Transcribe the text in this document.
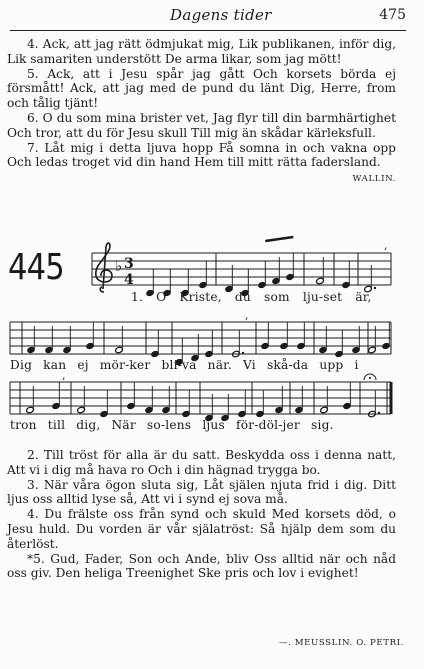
Dagens tider	475

4. Ack, att jag rätt ödmjukat mig, Lik publikanen, inför dig, Lik samariten understött De arma likar, som jag mött!

5. Ack, att i Jesu spår jag gått Och korsets börda ej försmått! Ack, att jag med de pund du länt Dig, Herre, from och tålig tjänt!

6. O du som mina brister vet, Jag flyr till din barmhärtighet Och tror, att du för Jesu skull Till mig än skådar kärleksfull.

7. Låt mig i detta ljuva hopp Få somna in och vakna opp Och ledas troget vid din hand Hem till mitt rätta fadersland.
WALLIN.

445	♭ 3
4
,
,
,
1. O Kriste, du som lju-set är,
Dig kan ej mör-ker bli-va när. Vi skå-da upp i
tron till dig, När so-lens ljus för-döl-jer sig.

2. Till tröst för alla är du satt. Beskydda oss i denna natt, Att vi i dig må hava ro Och i din hägnad trygga bo.

3. När våra ögon sluta sig, Låt själen njuta frid i dig. Ditt ljus oss alltid lyse så, Att vi i synd ej sova må.

4. Du frälste oss från synd och skuld Med korsets död, o Jesu huld. Du vorden är vår själatröst: Så hjälp dem som du återlöst.

*5. Gud, Fader, Son och Ande, bliv Oss alltid när och nåd oss giv. Den heliga Treenighet Ske pris och lov i evighet!

—. MEUSSLIN. O. PETRI.
